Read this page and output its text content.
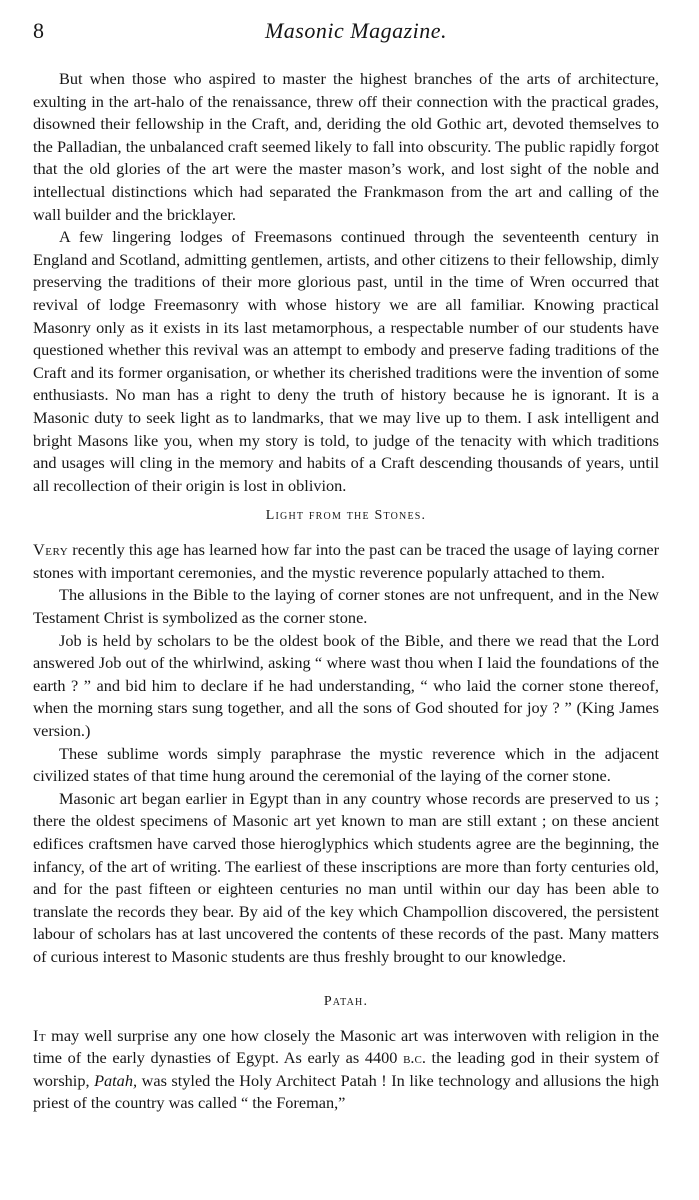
8	Masonic Magazine.

But when those who aspired to master the highest branches of the arts of architecture, exulting in the art-halo of the renaissance, threw off their connection with the practical grades, disowned their fellowship in the Craft, and, deriding the old Gothic art, devoted themselves to the Palladian, the unbalanced craft seemed likely to fall into obscurity. The public rapidly forgot that the old glories of the art were the master mason’s work, and lost sight of the noble and intellectual distinctions which had separated the Frankmason from the art and calling of the wall builder and the bricklayer.

A few lingering lodges of Freemasons continued through the seventeenth century in England and Scotland, admitting gentlemen, artists, and other citizens to their fellowship, dimly preserving the traditions of their more glorious past, until in the time of Wren occurred that revival of lodge Freemasonry with whose history we are all familiar. Knowing practical Masonry only as it exists in its last metamorphous, a respectable number of our students have questioned whether this revival was an attempt to embody and preserve fading traditions of the Craft and its former organisation, or whether its cherished traditions were the invention of some enthusiasts. No man has a right to deny the truth of history because he is ignorant. It is a Masonic duty to seek light as to landmarks, that we may live up to them. I ask intelligent and bright Masons like you, when my story is told, to judge of the tenacity with which traditions and usages will cling in the memory and habits of a Craft descending thousands of years, until all recollection of their origin is lost in oblivion.

Light from the Stones.

Very recently this age has learned how far into the past can be traced the usage of laying corner stones with important ceremonies, and the mystic reverence popularly attached to them.

The allusions in the Bible to the laying of corner stones are not unfrequent, and in the New Testament Christ is symbolized as the corner stone.

Job is held by scholars to be the oldest book of the Bible, and there we read that the Lord answered Job out of the whirlwind, asking “ where wast thou when I laid the foundations of the earth ? ” and bid him to declare if he had understanding, “ who laid the corner stone thereof, when the morning stars sung together, and all the sons of God shouted for joy ? ” (King James version.)

These sublime words simply paraphrase the mystic reverence which in the adjacent civilized states of that time hung around the ceremonial of the laying of the corner stone.

Masonic art began earlier in Egypt than in any country whose records are preserved to us ; there the oldest specimens of Masonic art yet known to man are still extant ; on these ancient edifices craftsmen have carved those hieroglyphics which students agree are the beginning, the infancy, of the art of writing. The earliest of these inscriptions are more than forty centuries old, and for the past fifteen or eighteen centuries no man until within our day has been able to translate the records they bear. By aid of the key which Champollion discovered, the persistent labour of scholars has at last uncovered the contents of these records of the past. Many matters of curious interest to Masonic students are thus freshly brought to our knowledge.

Patah.

It may well surprise any one how closely the Masonic art was interwoven with religion in the time of the early dynasties of Egypt. As early as 4400 b.c. the leading god in their system of worship, Patah, was styled the Holy Architect Patah ! In like technology and allusions the high priest of the country was called “ the Foreman,”
